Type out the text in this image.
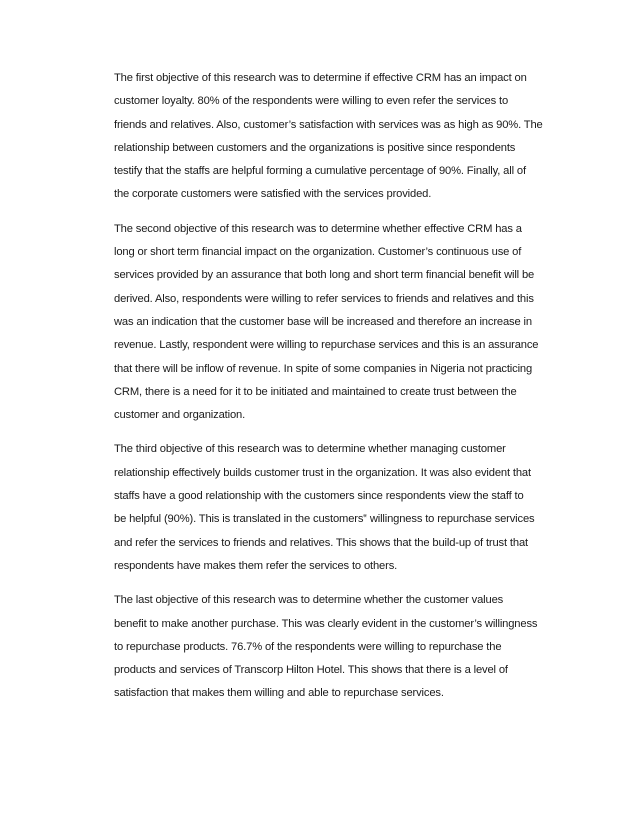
The first objective of this research was to determine if effective CRM has an impact on
customer loyalty. 80% of the respondents were willing to even refer the services to
friends and relatives. Also, customer’s satisfaction with services was as high as 90%. The
relationship between customers and the organizations is positive since respondents
testify that the staffs are helpful forming a cumulative percentage of 90%. Finally, all of
the corporate customers were satisfied with the services provided.

The second objective of this research was to determine whether effective CRM has a
long or short term financial impact on the organization. Customer’s continuous use of
services provided by an assurance that both long and short term financial benefit will be
derived. Also, respondents were willing to refer services to friends and relatives and this
was an indication that the customer base will be increased and therefore an increase in
revenue. Lastly, respondent were willing to repurchase services and this is an assurance
that there will be inflow of revenue. In spite of some companies in Nigeria not practicing
CRM, there is a need for it to be initiated and maintained to create trust between the
customer and organization.

The third objective of this research was to determine whether managing customer
relationship effectively builds customer trust in the organization. It was also evident that
staffs have a good relationship with the customers since respondents view the staff to
be helpful (90%). This is translated in the customers‟ willingness to repurchase services
and refer the services to friends and relatives. This shows that the build-up of trust that
respondents have makes them refer the services to others.

The last objective of this research was to determine whether the customer values
benefit to make another purchase. This was clearly evident in the customer’s willingness
to repurchase products. 76.7% of the respondents were willing to repurchase the
products and services of Transcorp Hilton Hotel. This shows that there is a level of
satisfaction that makes them willing and able to repurchase services.
